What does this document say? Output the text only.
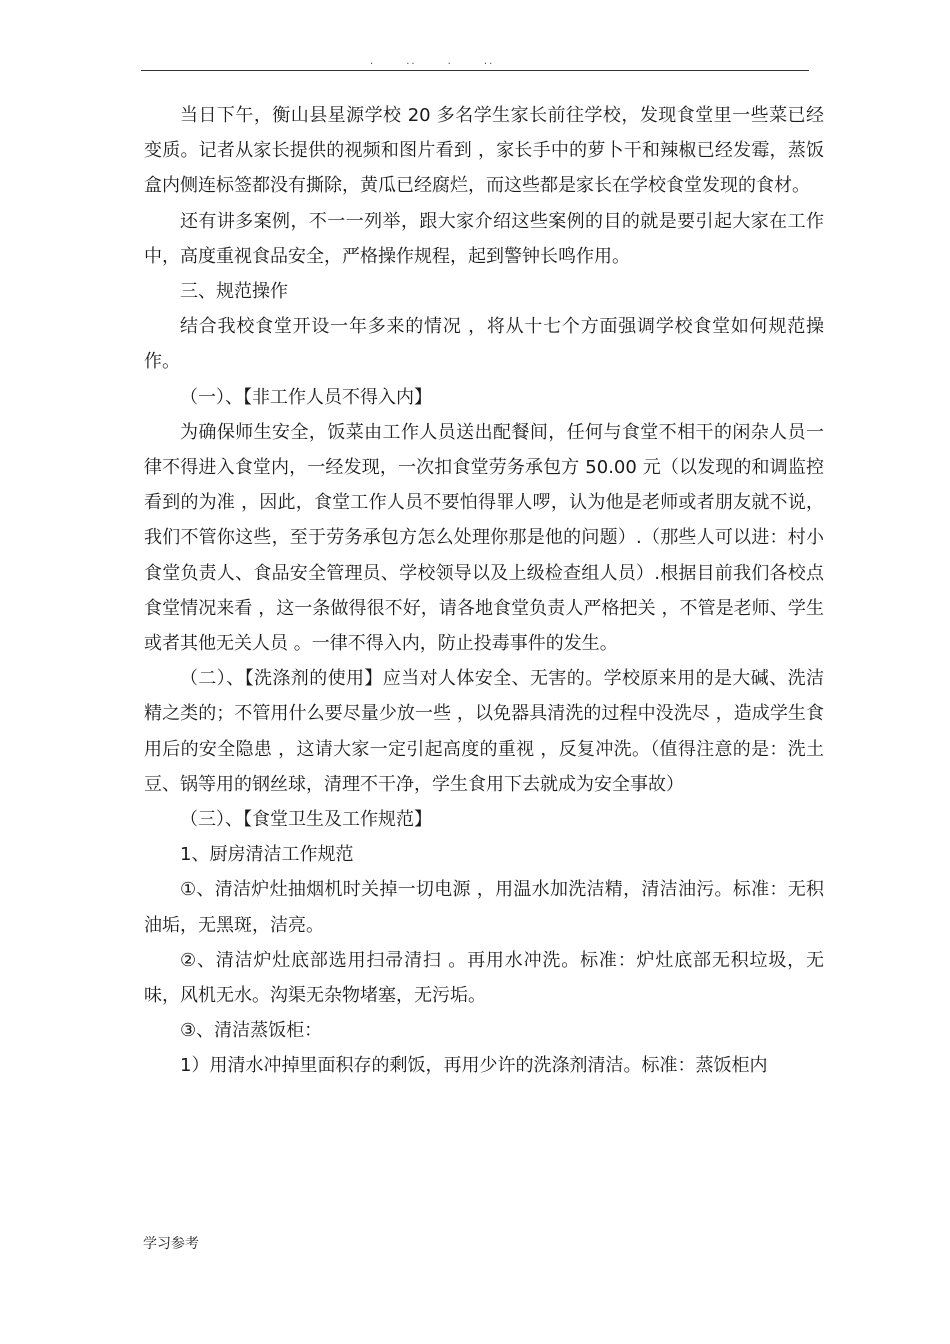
.      ..      .      ..

当日下午，衡山县星源学校 20 多名学生家长前往学校，发现食堂里一些菜已经变质。记者从家长提供的视频和图片看到 ，家长手中的萝卜干和辣椒已经发霉，蒸饭盒内侧连标签都没有撕除，黄瓜已经腐烂，而这些都是家长在学校食堂发现的食材。

还有讲多案例，不一一列举，跟大家介绍这些案例的目的就是要引起大家在工作中，高度重视食品安全，严格操作规程，起到警钟长鸣作用。

三、规范操作

结合我校食堂开设一年多来的情况 ，将从十七个方面强调学校食堂如何规范操作。

（一）、【非工作人员不得入内】

为确保师生安全，饭菜由工作人员送出配餐间，任何与食堂不相干的闲杂人员一律不得进入食堂内，一经发现，一次扣食堂劳务承包方 50.00 元（以发现的和调监控看到的为准 ，因此，食堂工作人员不要怕得罪人啰，认为他是老师或者朋友就不说，我们不管你这些，至于劳务承包方怎么处理你那是他的问题）.（那些人可以进：村小食堂负责人、食品安全管理员、学校领导以及上级检查组人员）.根据目前我们各校点食堂情况来看 ，这一条做得很不好，请各地食堂负责人严格把关 ，不管是老师、学生或者其他无关人员 。一律不得入内，防止投毒事件的发生。

（二）、【洗涤剂的使用】应当对人体安全、无害的。学校原来用的是大碱、洗洁精之类的；不管用什么要尽量少放一些 ，以免器具清洗的过程中没洗尽 ，造成学生食用后的安全隐患 ，这请大家一定引起高度的重视 ，反复冲洗。（值得注意的是：洗土豆、锅等用的钢丝球，清理不干净，学生食用下去就成为安全事故）

（三）、【食堂卫生及工作规范】

1、厨房清洁工作规范

①、清洁炉灶抽烟机时关掉一切电源 ，用温水加洗洁精，清洁油污。标准：无积油垢，无黑斑，洁亮。

②、清洁炉灶底部选用扫帚清扫 。再用水冲洗。标准：炉灶底部无积垃圾，无味，风机无水。沟渠无杂物堵塞，无污垢。

③、清洁蒸饭柜：

1）用清水冲掉里面积存的剩饭，再用少许的洗涤剂清洁。标准：蒸饭柜内

学习参考
